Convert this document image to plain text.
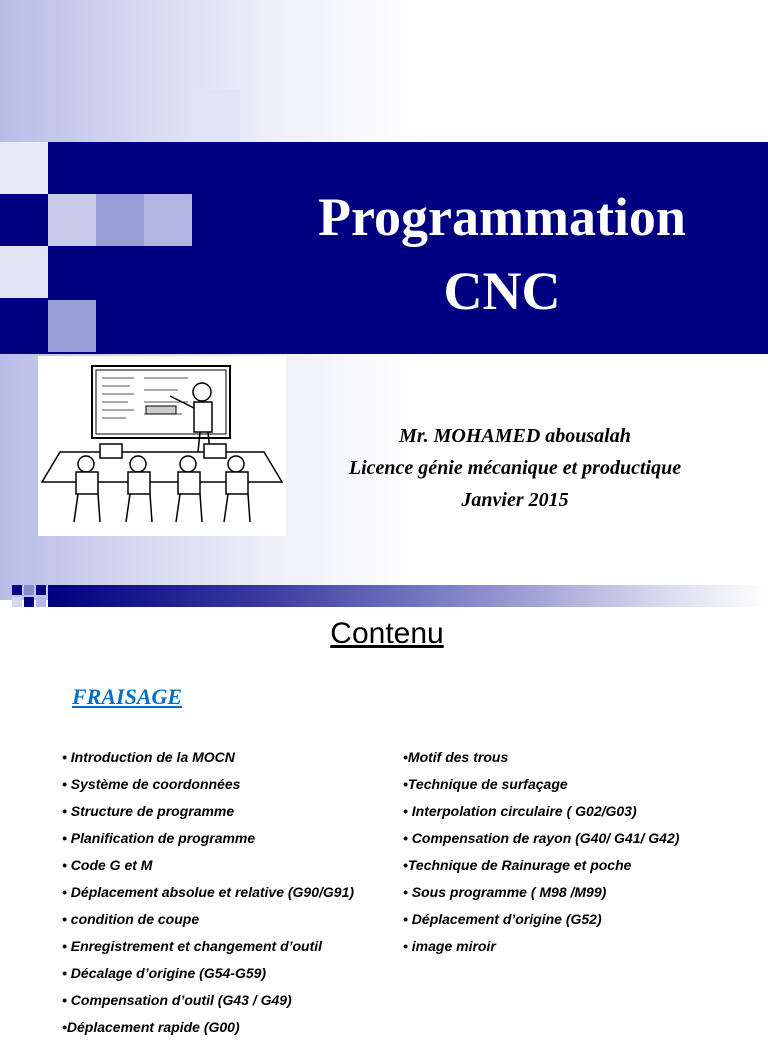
Programmation
CNC
Mr. MOHAMED abousalah
Licence génie mécanique et productique
Janvier 2015
Contenu
FRAISAGE
• Introduction de la MOCN
• Système de coordonnées
• Structure de programme
• Planification de programme
• Code G et M
• Déplacement absolue et relative (G90/G91)
• condition de coupe
• Enregistrement et changement d’outil
• Décalage d’origine (G54-G59)
• Compensation d’outil (G43 / G49)
•Déplacement rapide (G00)
•Motif des trous
•Technique de surfaçage
• Interpolation circulaire ( G02/G03)
• Compensation de rayon (G40/ G41/ G42)
•Technique de Rainurage et poche
• Sous programme ( M98 /M99)
• Déplacement d’origine (G52)
• image miroir
